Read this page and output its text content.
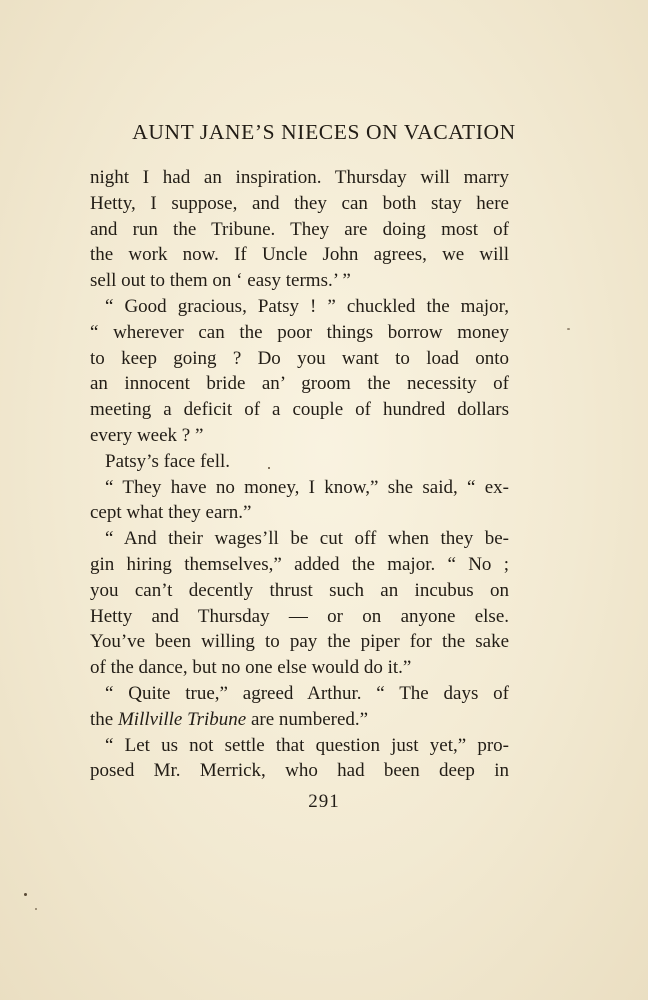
AUNT JANE’S NIECES ON VACATION
night I had an inspiration. Thursday will marry
Hetty, I suppose, and they can both stay here
and run the Tribune. They are doing most of
the work now. If Uncle John agrees, we will
sell out to them on ‘ easy terms.’ ”
“ Good gracious, Patsy ! ” chuckled the major,
“ wherever can the poor things borrow money
to keep going ? Do you want to load onto
an innocent bride an’ groom the necessity of
meeting a deficit of a couple of hundred dollars
every week ? ”
Patsy’s face fell.
“ They have no money, I know,” she said, “ ex-
cept what they earn.”
“ And their wages’ll be cut off when they be-
gin hiring themselves,” added the major. “ No ;
you can’t decently thrust such an incubus on
Hetty and Thursday — or on anyone else.
You’ve been willing to pay the piper for the sake
of the dance, but no one else would do it.”
“ Quite true,” agreed Arthur. “ The days of
the Millville Tribune are numbered.”
“ Let us not settle that question just yet,” pro-
posed Mr. Merrick, who had been deep in
291
